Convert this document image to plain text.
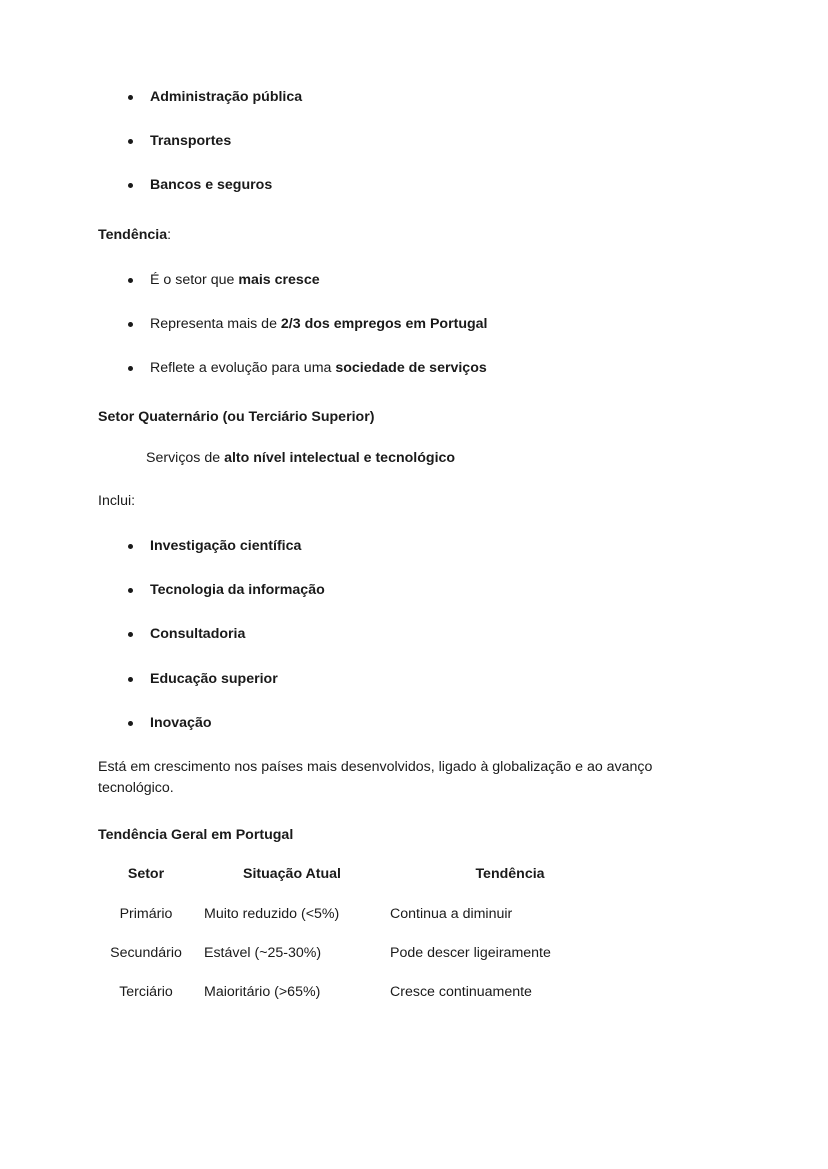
Administração pública
Transportes
Bancos e seguros

Tendência:

É o setor que mais cresce
Representa mais de 2/3 dos empregos em Portugal
Reflete a evolução para uma sociedade de serviços

Setor Quaternário (ou Terciário Superior)

Serviços de alto nível intelectual e tecnológico

Inclui:

Investigação científica
Tecnologia da informação
Consultadoria
Educação superior
Inovação

Está em crescimento nos países mais desenvolvidos, ligado à globalização e ao avanço tecnológico.

Tendência Geral em Portugal

Setor	Situação Atual	Tendência
Primário	Muito reduzido (<5%)	Continua a diminuir
Secundário	Estável (~25-30%)	Pode descer ligeiramente
Terciário	Maioritário (>65%)	Cresce continuamente
